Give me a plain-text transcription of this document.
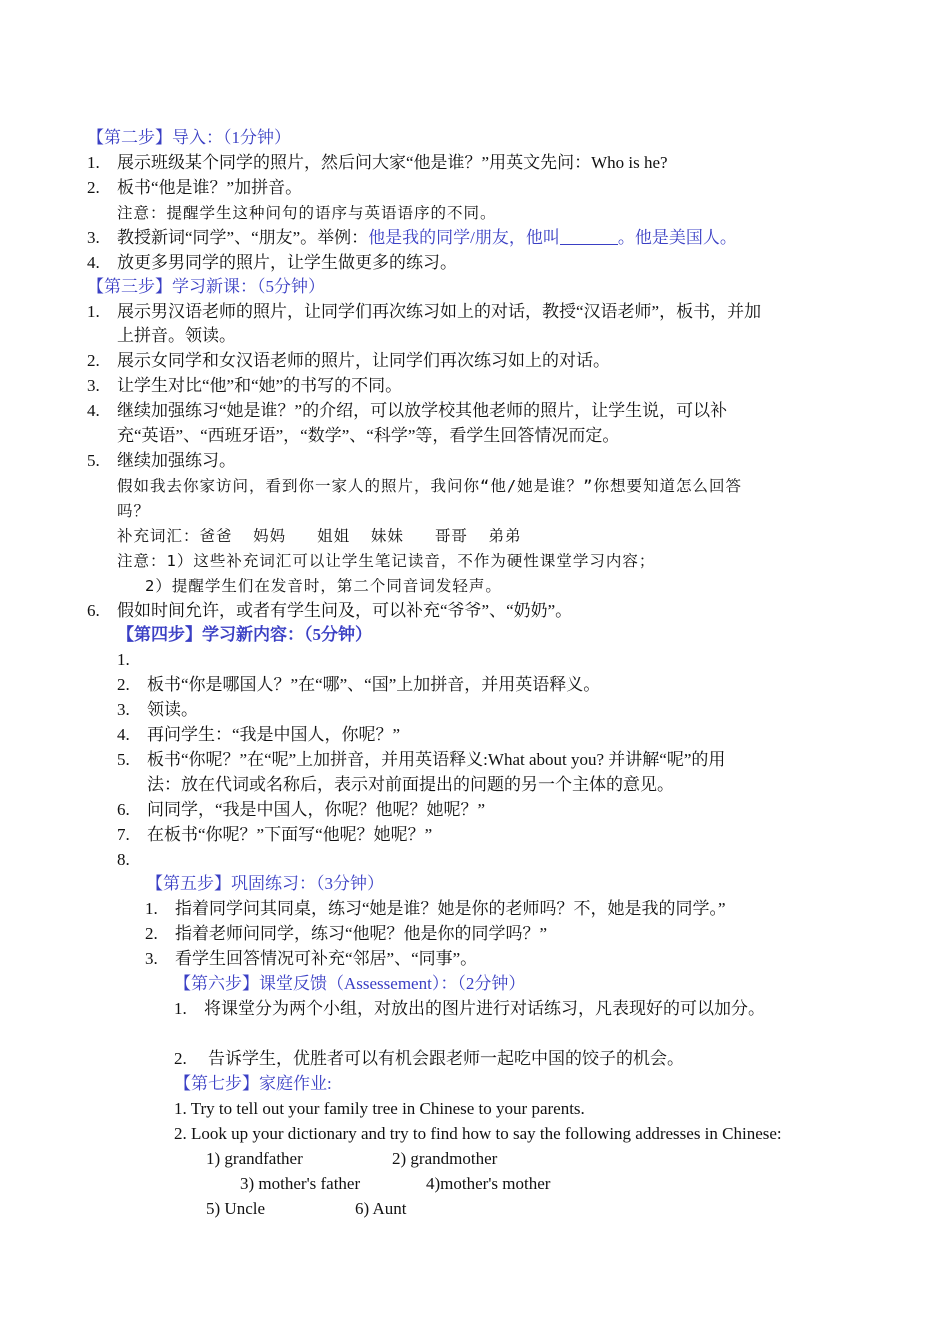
【第二步】导入：（1分钟）
1. 展示班级某个同学的照片，然后问大家“他是谁？”用英文先问：Who is he?
2. 板书“他是谁？”加拼音。
注意：提醒学生这种问句的语序与英语语序的不同。
3. 教授新词“同学”、“朋友”。举例：他是我的同学/朋友，他叫	。他是美国人。
4. 放更多男同学的照片，让学生做更多的练习。
【第三步】学习新课：（5分钟）
1. 展示男汉语老师的照片，让同学们再次练习如上的对话，教授“汉语老师”，板书，并加
上拼音。领读。
2. 展示女同学和女汉语老师的照片，让同学们再次练习如上的对话。
3. 让学生对比“他”和“她”的书写的不同。
4. 继续加强练习“她是谁？”的介绍，可以放学校其他老师的照片，让学生说，可以补
充“英语”、“西班牙语”，“数学”、“科学”等，看学生回答情况而定。
5. 继续加强练习。
假如我去你家访问，看到你一家人的照片，我问你“他/她是谁？”你想要知道怎么回答
吗？
补充词汇：爸爸  妈妈   姐姐  妹妹   哥哥  弟弟
注意：1）这些补充词汇可以让学生笔记读音，不作为硬性课堂学习内容；
2）提醒学生们在发音时，第二个同音词发轻声。
6. 假如时间允许，或者有学生问及，可以补充“爷爷”、“奶奶”。
【第四步】学习新内容：（5分钟）
1.
2. 板书“你是哪国人？”在“哪”、“国”上加拼音，并用英语释义。
3. 领读。
4. 再问学生：“我是中国人，你呢？”
5. 板书“你呢？”在“呢”上加拼音，并用英语释义:What about you? 并讲解“呢”的用
法：放在代词或名称后，表示对前面提出的问题的另一个主体的意见。
6. 问同学，“我是中国人，你呢？他呢？她呢？”
7. 在板书“你呢？”下面写“他呢？她呢？”
8.
【第五步】巩固练习：（3分钟）
1. 指着同学问其同桌，练习“她是谁？她是你的老师吗？不，她是我的同学。”
2. 指着老师问同学，练习“他呢？他是你的同学吗？”
3. 看学生回答情况可补充“邻居”、“同事”。
【第六步】课堂反馈（Assessement）：（2分钟）
1. 将课堂分为两个小组，对放出的图片进行对话练习，凡表现好的可以加分。
2. 告诉学生，优胜者可以有机会跟老师一起吃中国的饺子的机会。
【第七步】家庭作业:
1. Try to tell out your family tree in Chinese to your parents.
2. Look up your dictionary and try to find how to say the following addresses in Chinese:
1) grandfather	2) grandmother
3) mother's father	4)mother's mother
5) Uncle	6) Aunt
